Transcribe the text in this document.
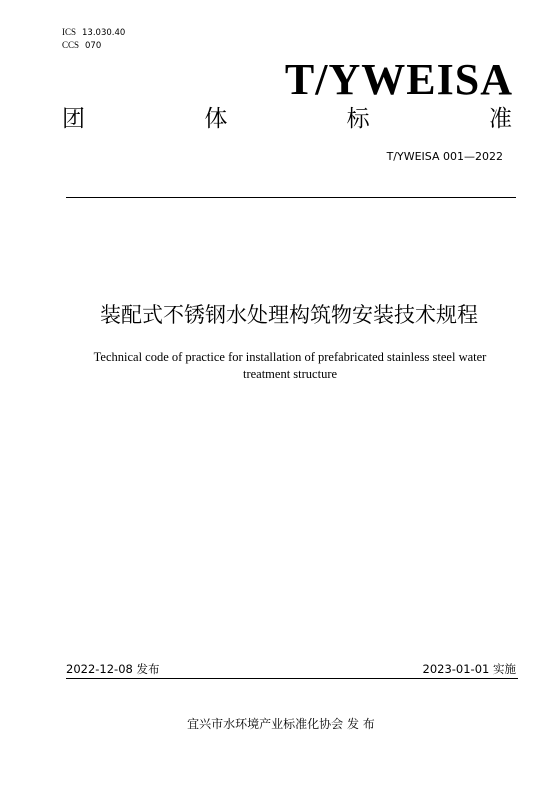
ICS 13.030.40
CCS 070
T/YWEISA
团	体	标	准
T/YWEISA 001—2022
装配式不锈钢水处理构筑物安装技术规程
Technical code of practice for installation of prefabricated stainless steel water
treatment structure
2022-12-08 发布	2023-01-01 实施
宜兴市水环境产业标准化协会 发 布
